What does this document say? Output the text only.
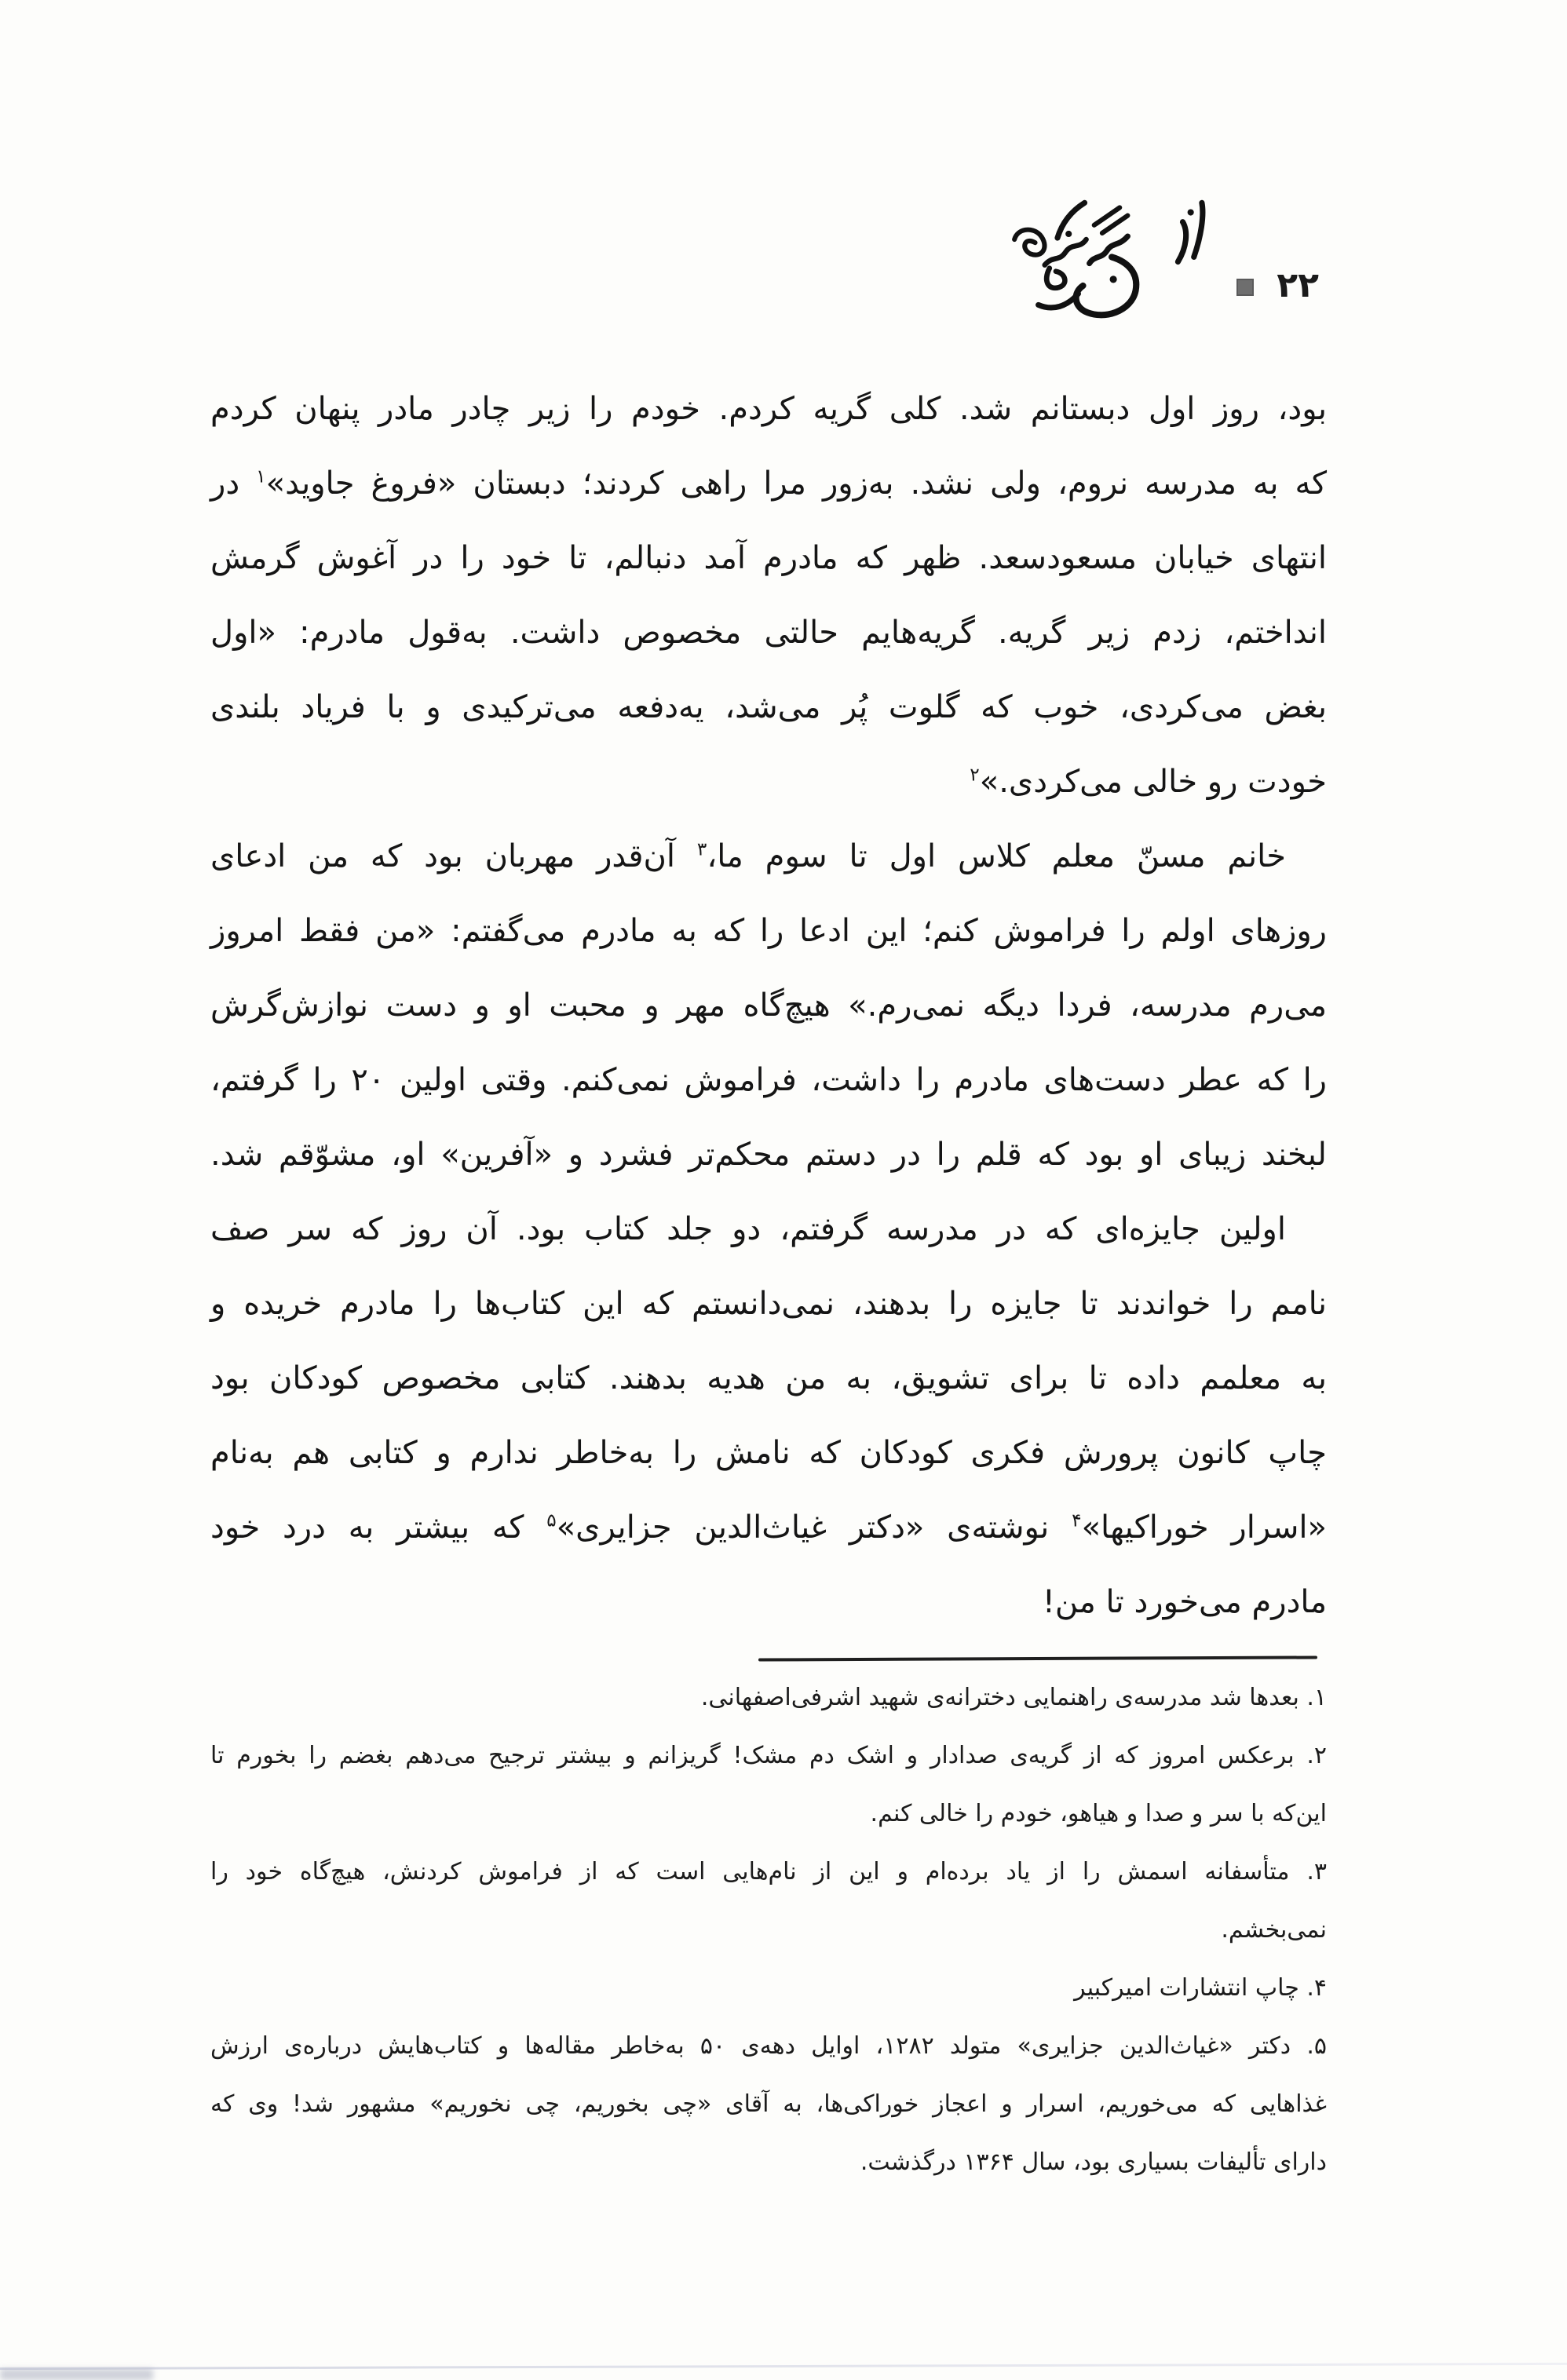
۲۲
بود، روز اول دبستانم شد. کلی گریه کردم. خودم را زیر چادر مادر پنهان کردم
که به مدرسه نروم، ولی نشد. به‌زور مرا راهی کردند؛ دبستان «فروغ جاوید»$^۱$ در
انتهای خیابان مسعودسعد. ظهر که مادرم آمد دنبالم، تا خود را در آغوش گرمش
انداختم، زدم زیر گریه. گریه‌هایم حالتی مخصوص داشت. به‌قول مادرم: «اول
بغض می‌کردی، خوب که گلوت پُر می‌شد، یه‌دفعه می‌ترکیدی و با فریاد بلندی
خودت رو خالی می‌کردی.»$^۲$
خانم مسنّ معلم کلاس اول تا سوم ما،$^۳$ آن‌قدر مهربان بود که من ادعای
روزهای اولم را فراموش کنم؛ این ادعا را که به مادرم می‌گفتم: «من فقط امروز
می‌رم مدرسه، فردا دیگه نمی‌رم.» هیچ‌گاه مهر و محبت او و دست نوازش‌گرش
را که عطر دست‌های مادرم را داشت، فراموش نمی‌کنم. وقتی اولین ۲۰ را گرفتم،
لبخند زیبای او بود که قلم را در دستم محکم‌تر فشرد و «آفرین» او، مشوّقم شد.
اولین جایزه‌ای که در مدرسه گرفتم، دو جلد کتاب بود. آن روز که سر صف
نامم را خواندند تا جایزه را بدهند، نمی‌دانستم که این کتاب‌ها را مادرم خریده و
به معلمم داده تا برای تشویق، به من هدیه بدهند. کتابی مخصوص کودکان بود
چاپ کانون پرورش فکری کودکان که نامش را به‌خاطر ندارم و کتابی هم به‌نام
«اسرار خوراکیها»$^۴$ نوشته‌ی «دکتر غیاث‌الدین جزایری»$^۵$ که بیشتر به درد خود
مادرم می‌خورد تا من!
۱. بعدها شد مدرسه‌ی راهنمایی دخترانه‌ی شهید اشرفی‌اصفهانی.
۲. برعکس امروز که از گریه‌ی صدادار و اشک دم مشک! گریزانم و بیشتر ترجیح می‌دهم بغضم را بخورم تا
این‌که با سر و صدا و هیاهو، خودم را خالی کنم.
۳. متأسفانه اسمش را از یاد برده‌ام و این از نام‌هایی است که از فراموش کردنش، هیچ‌گاه خود را
نمی‌بخشم.
۴. چاپ انتشارات امیرکبیر
۵. دکتر «غیاث‌الدین جزایری» متولد ۱۲۸۲، اوایل دهه‌ی ۵۰ به‌خاطر مقاله‌ها و کتاب‌هایش درباره‌ی ارزش
غذاهایی که می‌خوریم، اسرار و اعجاز خوراکی‌ها، به آقای «چی بخوریم، چی نخوریم» مشهور شد! وی که
دارای تألیفات بسیاری بود، سال ۱۳۶۴ درگذشت.
